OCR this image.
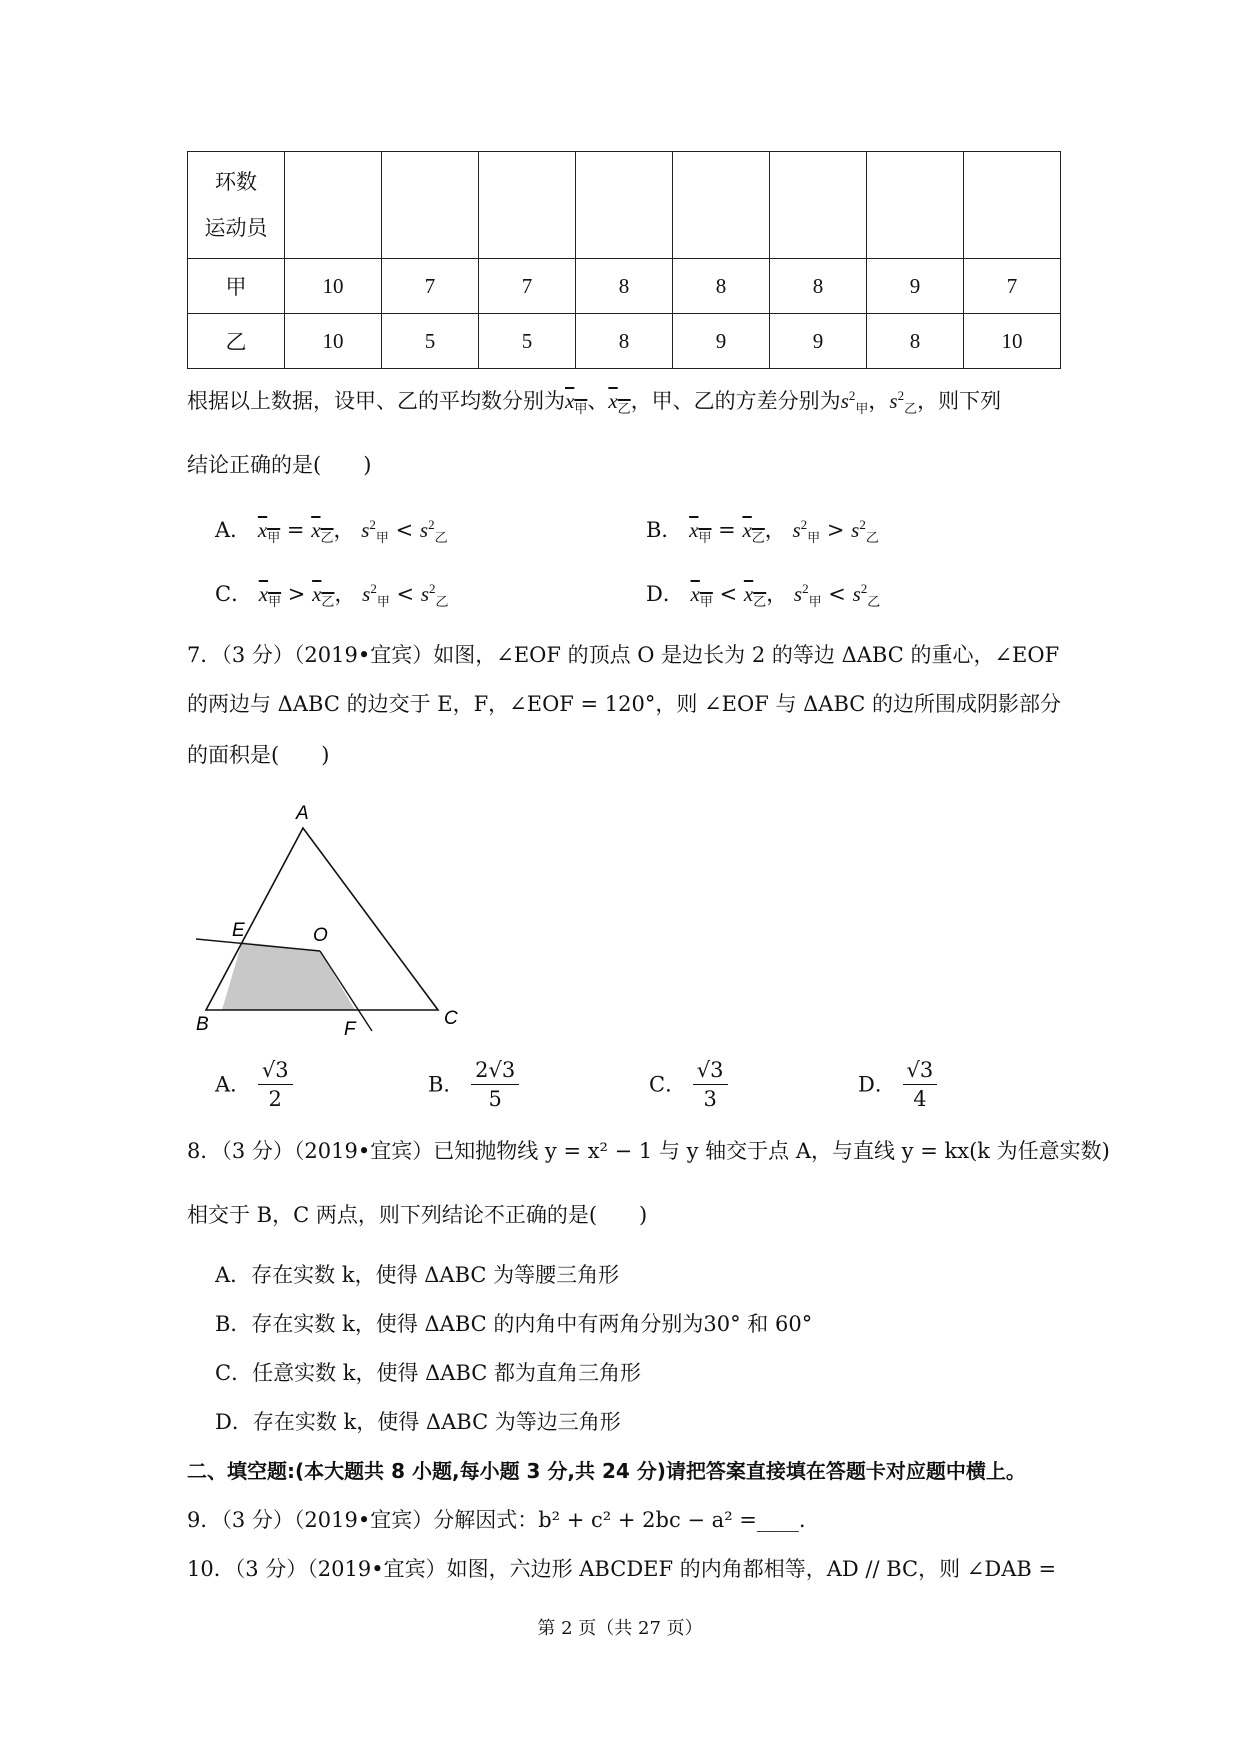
环数
运动员								

甲	10	7	7	8	8	8	9	7
乙	10	5	5	8	9	9	8	10
根据以上数据，设甲、乙的平均数分别为$x_甲$、$x_乙$，甲、乙的方差分别为$s^2_甲$，$s^2_乙$，则下列
结论正确的是(　　)
A． $x_甲 = x_乙$， $s^2_甲 < s^2_乙$	B． $x_甲 = x_乙$， $s^2_甲 > s^2_乙$
C． $x_甲 > x_乙$， $s^2_甲 < s^2_乙$	D． $x_甲 < x_乙$， $s^2_甲 < s^2_乙$
7．（3 分）（2019•宜宾）如图，∠EOF 的顶点 O 是边长为 2 的等边 ΔABC 的重心，∠EOF
的两边与 ΔABC 的边交于 E，F，∠EOF = 120°，则 ∠EOF 与 ΔABC 的边所围成阴影部分
的面积是(　　)
A
E	O
B	F
C
A． $\frac{√3}{2}$	B． $\frac{2√3}{5}$	C． $\frac{√3}{3}$	D． $\frac{√3}{4}$
8．（3 分）（2019•宜宾）已知抛物线 y = x² − 1 与 y 轴交于点 A，与直线 y = kx(k 为任意实数)
相交于 B，C 两点，则下列结论不正确的是(　　)
A．存在实数 k，使得 ΔABC 为等腰三角形
B．存在实数 k，使得 ΔABC 的内角中有两角分别为30° 和 60°
C．任意实数 k，使得 ΔABC 都为直角三角形
D．存在实数 k，使得 ΔABC 为等边三角形
二、填空题:(本大题共 8 小题,每小题 3 分,共 24 分)请把答案直接填在答题卡对应题中横上。
9．（3 分）（2019•宜宾）分解因式：b² + c² + 2bc − a² =____.
10．（3 分）（2019•宜宾）如图，六边形 ABCDEF 的内角都相等，AD // BC，则 ∠DAB =
第 2 页（共 27 页）
